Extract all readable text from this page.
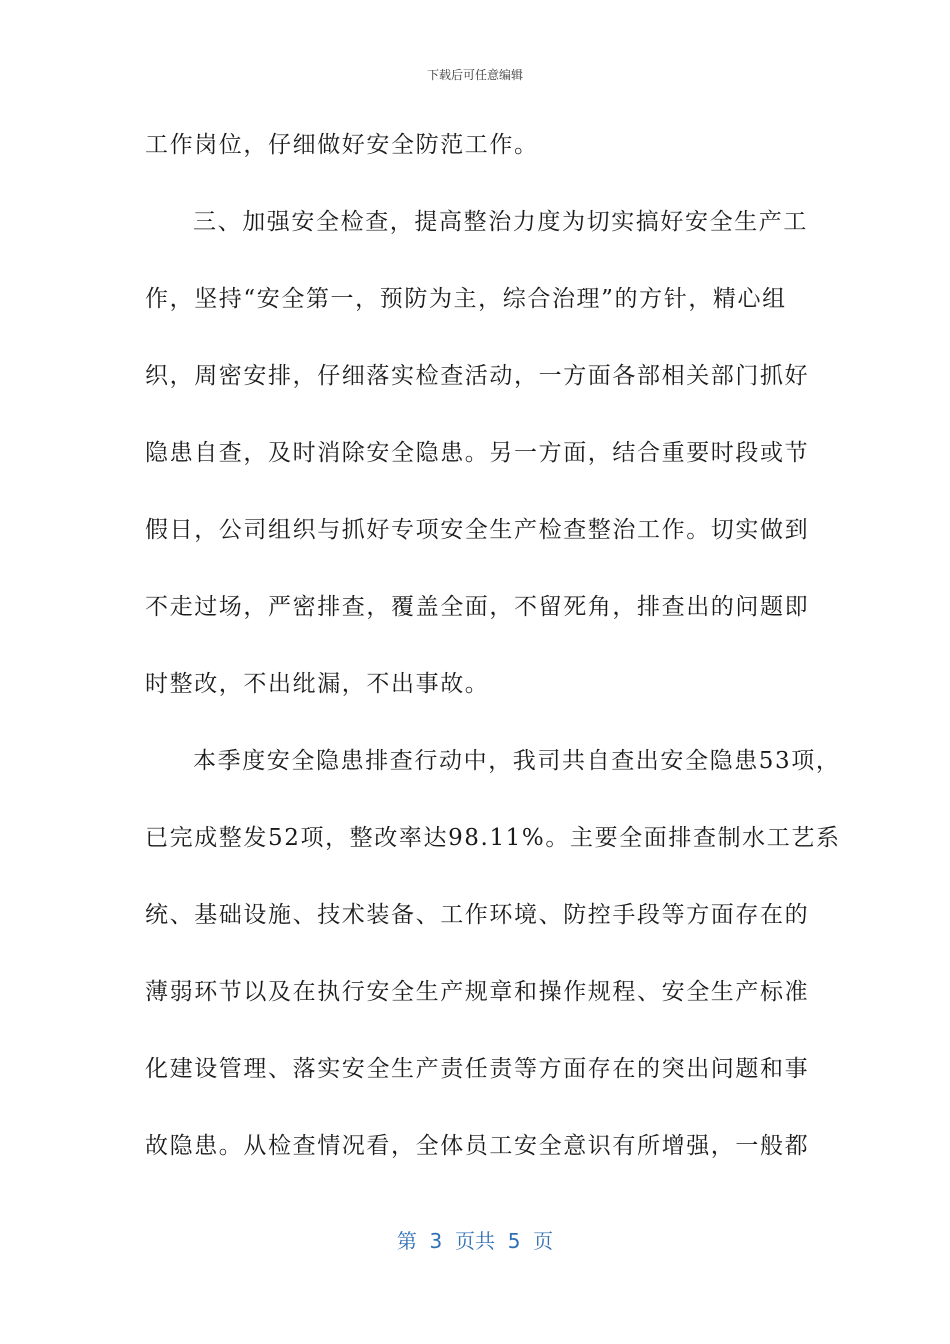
下载后可任意编辑
工作岗位，仔细做好安全防范工作。
三、加强安全检查，提高整治力度为切实搞好安全生产工
作，坚持“安全第一，预防为主，综合治理”的方针，精心组
织，周密安排，仔细落实检查活动，一方面各部相关部门抓好
隐患自查，及时消除安全隐患。另一方面，结合重要时段或节
假日，公司组织与抓好专项安全生产检查整治工作。切实做到
不走过场，严密排查，覆盖全面，不留死角，排查出的问题即
时整改，不出纰漏，不出事故。
本季度安全隐患排查行动中，我司共自查出安全隐患53项，
已完成整发52项，整改率达98.11%。主要全面排查制水工艺系
统、基础设施、技术装备、工作环境、防控手段等方面存在的
薄弱环节以及在执行安全生产规章和操作规程、安全生产标准
化建设管理、落实安全生产责任责等方面存在的突出问题和事
故隐患。从检查情况看，全体员工安全意识有所增强，一般都
第  3  页共  5  页
